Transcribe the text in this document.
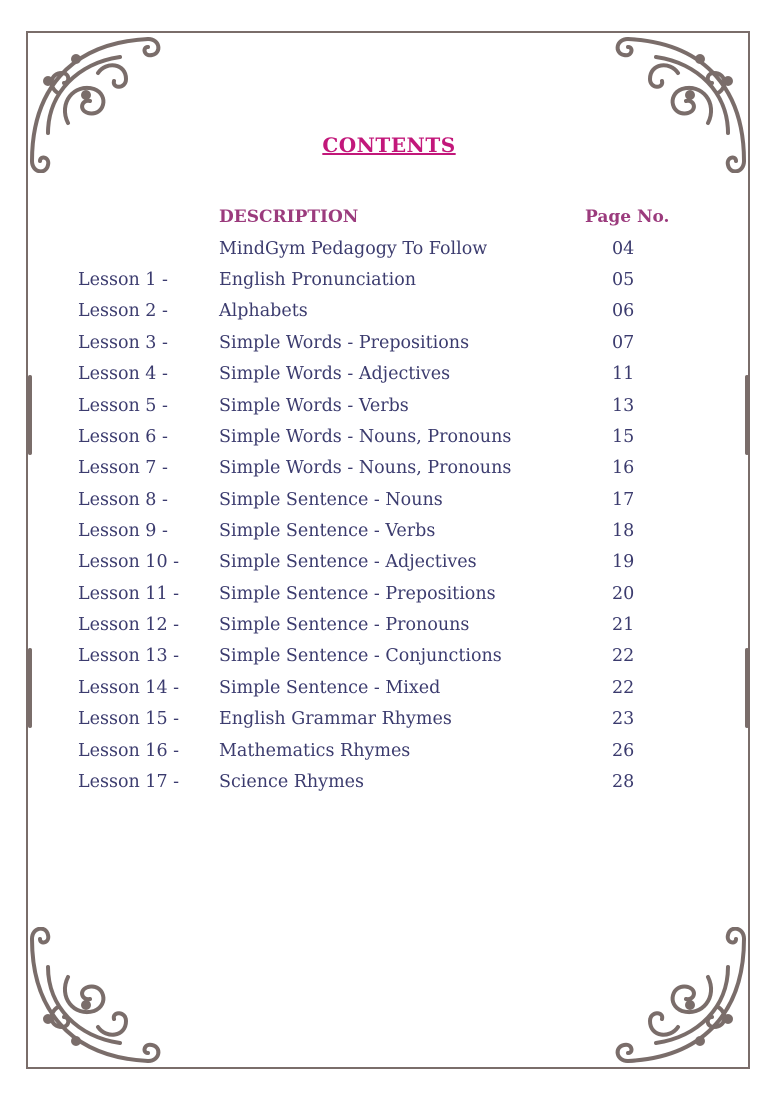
CONTENTS
DESCRIPTION	Page No.
MindGym Pedagogy To Follow	04
Lesson 1 -	English Pronunciation	05
Lesson 2 -	Alphabets	06
Lesson 3 -	Simple Words - Prepositions	07
Lesson 4 -	Simple Words - Adjectives	11
Lesson 5 -	Simple Words - Verbs	13
Lesson 6 -	Simple Words - Nouns, Pronouns	15
Lesson 7 -	Simple Words - Nouns, Pronouns	16
Lesson 8 -	Simple Sentence - Nouns	17
Lesson 9 -	Simple Sentence - Verbs	18
Lesson 10 - Simple Sentence - Adjectives	19
Lesson 11 - Simple Sentence - Prepositions	20
Lesson 12 - Simple Sentence - Pronouns	21
Lesson 13 - Simple Sentence - Conjunctions	22
Lesson 14 - Simple Sentence - Mixed	22
Lesson 15 - English Grammar Rhymes	23
Lesson 16 - Mathematics Rhymes	26
Lesson 17 - Science Rhymes	28
